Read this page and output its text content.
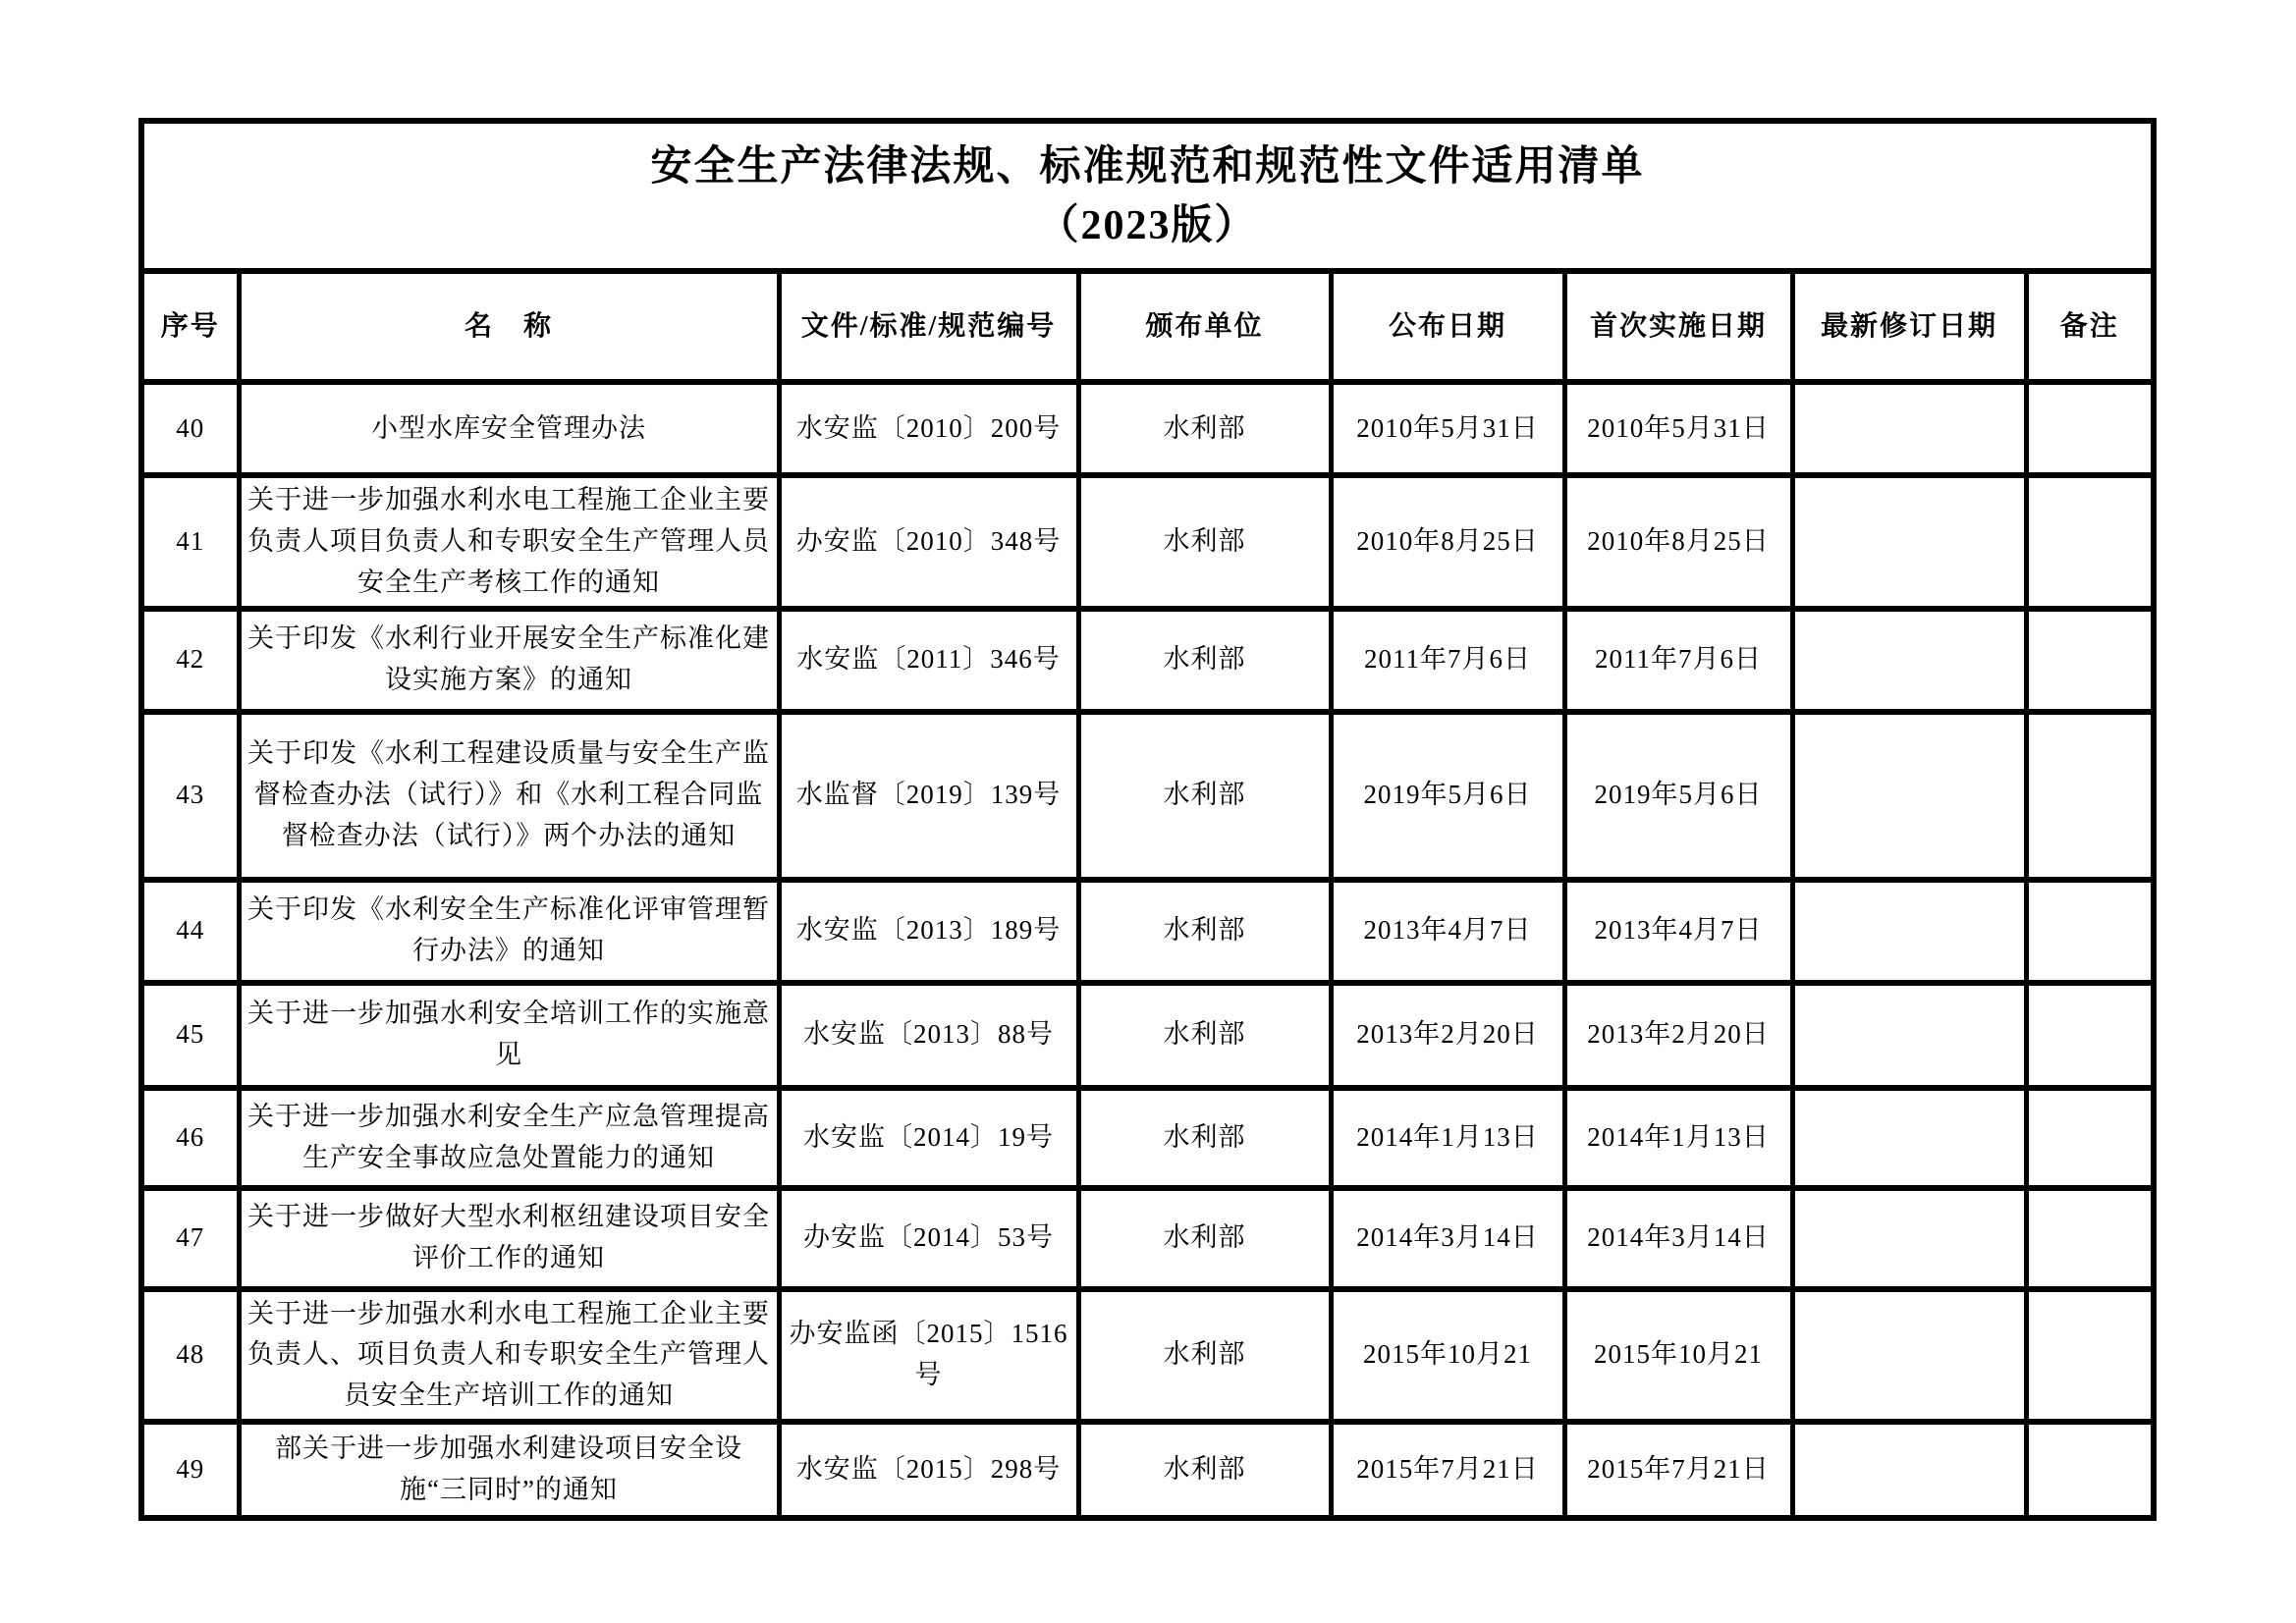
安全生产法律法规、标准规范和规范性文件适用清单
（2023版）							

序号	名　称	文件/标准/规范编号	颁布单位	公布日期	首次实施日期	最新修订日期	备注
40	小型水库安全管理办法	水安监〔2010〕200号	水利部	2010年5月31日	2010年5月31日		
41	关于进一步加强水利水电工程施工企业主要负责人项目负责人和专职安全生产管理人员安全生产考核工作的通知	办安监〔2010〕348号	水利部	2010年8月25日	2010年8月25日		
42	关于印发《水利行业开展安全生产标准化建设实施方案》的通知	水安监〔2011〕346号	水利部	2011年7月6日	2011年7月6日		
43	关于印发《水利工程建设质量与安全生产监督检查办法（试行）》和《水利工程合同监督检查办法（试行）》两个办法的通知	水监督〔2019〕139号	水利部	2019年5月6日	2019年5月6日		
44	关于印发《水利安全生产标准化评审管理暂行办法》的通知	水安监〔2013〕189号	水利部	2013年4月7日	2013年4月7日		
45	关于进一步加强水利安全培训工作的实施意见	水安监〔2013〕88号	水利部	2013年2月20日	2013年2月20日		
46	关于进一步加强水利安全生产应急管理提高生产安全事故应急处置能力的通知	水安监〔2014〕19号	水利部	2014年1月13日	2014年1月13日		
47	关于进一步做好大型水利枢纽建设项目安全评价工作的通知	办安监〔2014〕53号	水利部	2014年3月14日	2014年3月14日		
48	关于进一步加强水利水电工程施工企业主要负责人、项目负责人和专职安全生产管理人员安全生产培训工作的通知	办安监函〔2015〕1516号	水利部	2015年10月21	2015年10月21		
49	部关于进一步加强水利建设项目安全设施“三同时”的通知	水安监〔2015〕298号	水利部	2015年7月21日	2015年7月21日		
